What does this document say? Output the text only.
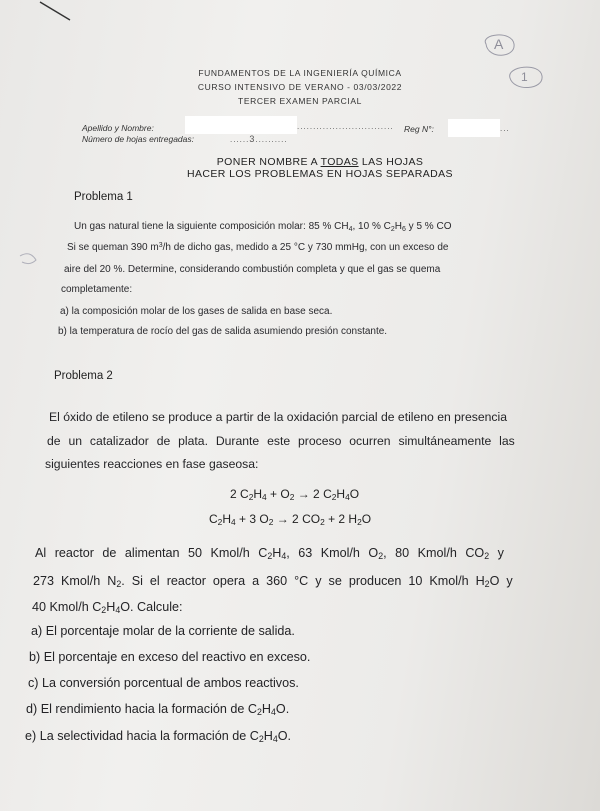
A
1
FUNDAMENTOS DE LA INGENIERÍA QUÍMICA
CURSO INTENSIVO DE VERANO - 03/03/2022
TERCER EXAMEN PARCIAL
Apellido y Nombre:	.............................. Reg N°:	...
Número de hojas entregadas:	......3..........
PONER NOMBRE A TODAS LAS HOJAS
HACER LOS PROBLEMAS EN HOJAS SEPARADAS
Problema 1
Un gas natural tiene la siguiente composición molar: 85 % $CH_4$, 10 % $C_2H_6$ y 5 % CO
Si se queman 390 $m^3/h$ de dicho gas, medido a 25 °C y 730 mmHg, con un exceso de
aire del 20 %. Determine, considerando combustión completa y que el gas se quema
completamente:
a) la composición molar de los gases de salida en base seca.
b) la temperatura de rocío del gas de salida asumiendo presión constante.
Problema 2
El óxido de etileno se produce a partir de la oxidación parcial de etileno en presencia
de un catalizador de plata. Durante este proceso ocurren simultáneamente las
siguientes reacciones en fase gaseosa:
2 $C_2H_4 + O_2 \to 2$ $C_2H_4O$
$C_2H_4 + 3$ $O_2 \to 2$ $CO_2 + 2$ $H_2O$
Al reactor de alimentan 50 Kmol/h $C_2H_4$, 63 Kmol/h $O_2$, 80 Kmol/h $CO_2$ y
273 Kmol/h $N_2$. Si el reactor opera a 360 °C y se producen 10 Kmol/h $H_2O$ y
40 Kmol/h $C_2H_4O$. Calcule:
a) El porcentaje molar de la corriente de salida.
b) El porcentaje en exceso del reactivo en exceso.
c) La conversión porcentual de ambos reactivos.
d) El rendimiento hacia la formación de $C_2H_4O$.
e) La selectividad hacia la formación de $C_2H_4O$.
